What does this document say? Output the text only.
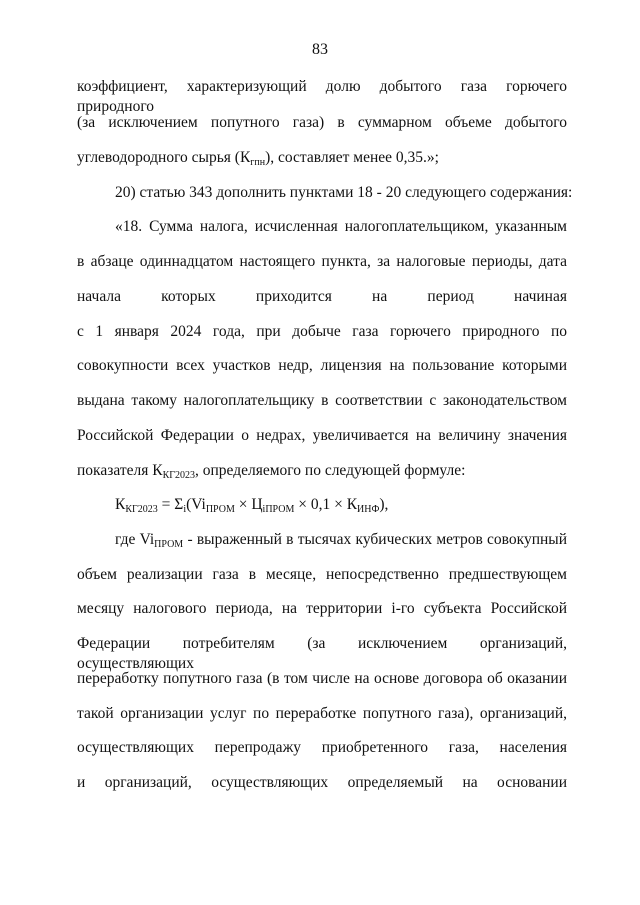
83
коэффициент, характеризующий долю добытого газа горючего природного
(за исключением попутного газа) в суммарном объеме добытого
углеводородного сырья $(К_{гпн})$, составляет менее 0,35.»;
20) статью 343 дополнить пунктами 18 - 20 следующего содержания:
«18. Сумма налога, исчисленная налогоплательщиком, указанным
в абзаце одиннадцатом настоящего пункта, за налоговые периоды, дата
начала которых приходится на период начиная
с 1 января 2024 года, при добыче газа горючего природного по
совокупности всех участков недр, лицензия на пользование которыми
выдана такому налогоплательщику в соответствии с законодательством
Российской Федерации о недрах, увеличивается на величину значения
показателя $К_{КГ2023}$, определяемого по следующей формуле:
$К_{КГ2023} = \Sigma_i(Vi_{ПРОМ} \times Ц_{iПРОМ} \times 0,1 \times К_{ИНФ})$,
где $Vi_{ПРОМ}$ - выраженный в тысячах кубических метров совокупный
объем реализации газа в месяце, непосредственно предшествующем
месяцу налогового периода, на территории i-го субъекта Российской
Федерации потребителям (за исключением организаций, осуществляющих
переработку попутного газа (в том числе на основе договора об оказании
такой организации услуг по переработке попутного газа), организаций,
осуществляющих перепродажу приобретенного газа, населения
и организаций, осуществляющих определяемый на основании
